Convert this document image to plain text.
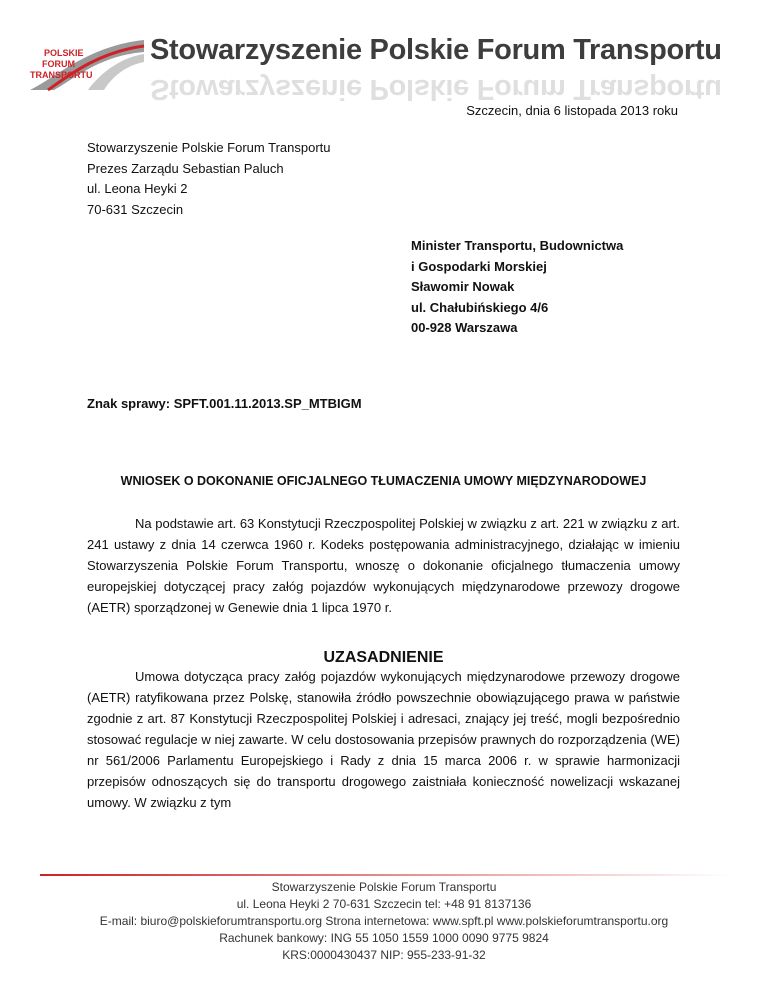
POLSKIE
FORUM
TRANSPORTU
Stowarzyszenie Polskie Forum Transportu
Stowarzyszenie Polskie Forum Transportu
Szczecin, dnia 6 listopada 2013 roku
Stowarzyszenie Polskie Forum Transportu
Prezes Zarządu Sebastian Paluch
ul. Leona Heyki 2
70-631 Szczecin
Minister Transportu, Budownictwa
i Gospodarki Morskiej
Sławomir Nowak
ul. Chałubińskiego 4/6
00-928 Warszawa
Znak sprawy: SPFT.001.11.2013.SP_MTBIGM
WNIOSEK O DOKONANIE OFICJALNEGO TŁUMACZENIA UMOWY MIĘDZYNARODOWEJ
Na podstawie art. 63 Konstytucji Rzeczpospolitej Polskiej w związku z art. 221 w związku z art. 241 ustawy z dnia 14 czerwca 1960 r. Kodeks postępowania administracyjnego, działając w imieniu Stowarzyszenia Polskie Forum Transportu, wnoszę o dokonanie oficjalnego tłumaczenia umowy europejskiej dotyczącej pracy załóg pojazdów wykonujących międzynarodowe przewozy drogowe (AETR) sporządzonej w Genewie dnia 1 lipca 1970 r.
UZASADNIENIE
Umowa dotycząca pracy załóg pojazdów wykonujących międzynarodowe przewozy drogowe (AETR) ratyfikowana przez Polskę, stanowiła źródło powszechnie obowiązującego prawa w państwie zgodnie z art. 87 Konstytucji Rzeczpospolitej Polskiej i adresaci, znający jej treść, mogli bezpośrednio stosować regulacje w niej zawarte. W celu dostosowania przepisów prawnych do rozporządzenia (WE) nr 561/2006 Parlamentu Europejskiego i Rady z dnia 15 marca 2006 r. w sprawie harmonizacji przepisów odnoszących się do transportu drogowego zaistniała konieczność nowelizacji wskazanej umowy. W związku z tym
Stowarzyszenie Polskie Forum Transportu
ul. Leona Heyki 2 70-631 Szczecin tel: +48 91 8137136
E-mail: biuro@polskieforumtransportu.org Strona internetowa: www.spft.pl www.polskieforumtransportu.org
Rachunek bankowy: ING 55 1050 1559 1000 0090 9775 9824
KRS:0000430437 NIP: 955-233-91-32
